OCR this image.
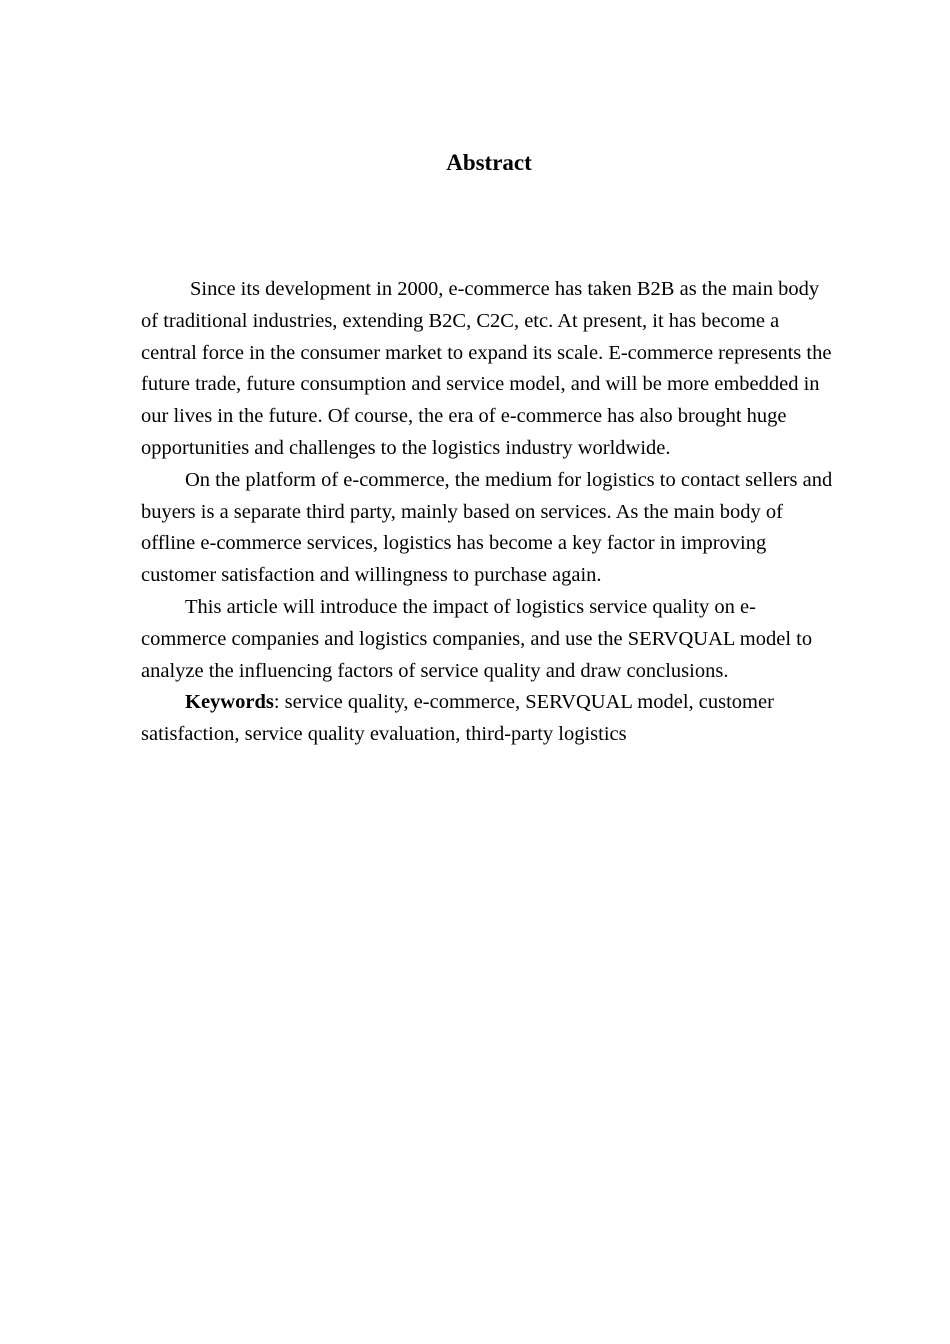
Abstract

Since its development in 2000, e-commerce has taken B2B as the main body of traditional industries, extending B2C, C2C, etc. At present, it has become a central force in the consumer market to expand its scale. E-commerce represents the future trade, future consumption and service model, and will be more embedded in our lives in the future. Of course, the era of e-commerce has also brought huge opportunities and challenges to the logistics industry worldwide.

On the platform of e-commerce, the medium for logistics to contact sellers and buyers is a separate third party, mainly based on services. As the main body of offline e-commerce services, logistics has become a key factor in improving customer satisfaction and willingness to purchase again.

This article will introduce the impact of logistics service quality on e-commerce companies and logistics companies, and use the SERVQUAL model to analyze the influencing factors of service quality and draw conclusions.

Keywords: service quality, e-commerce, SERVQUAL model, customer satisfaction, service quality evaluation, third-party logistics
